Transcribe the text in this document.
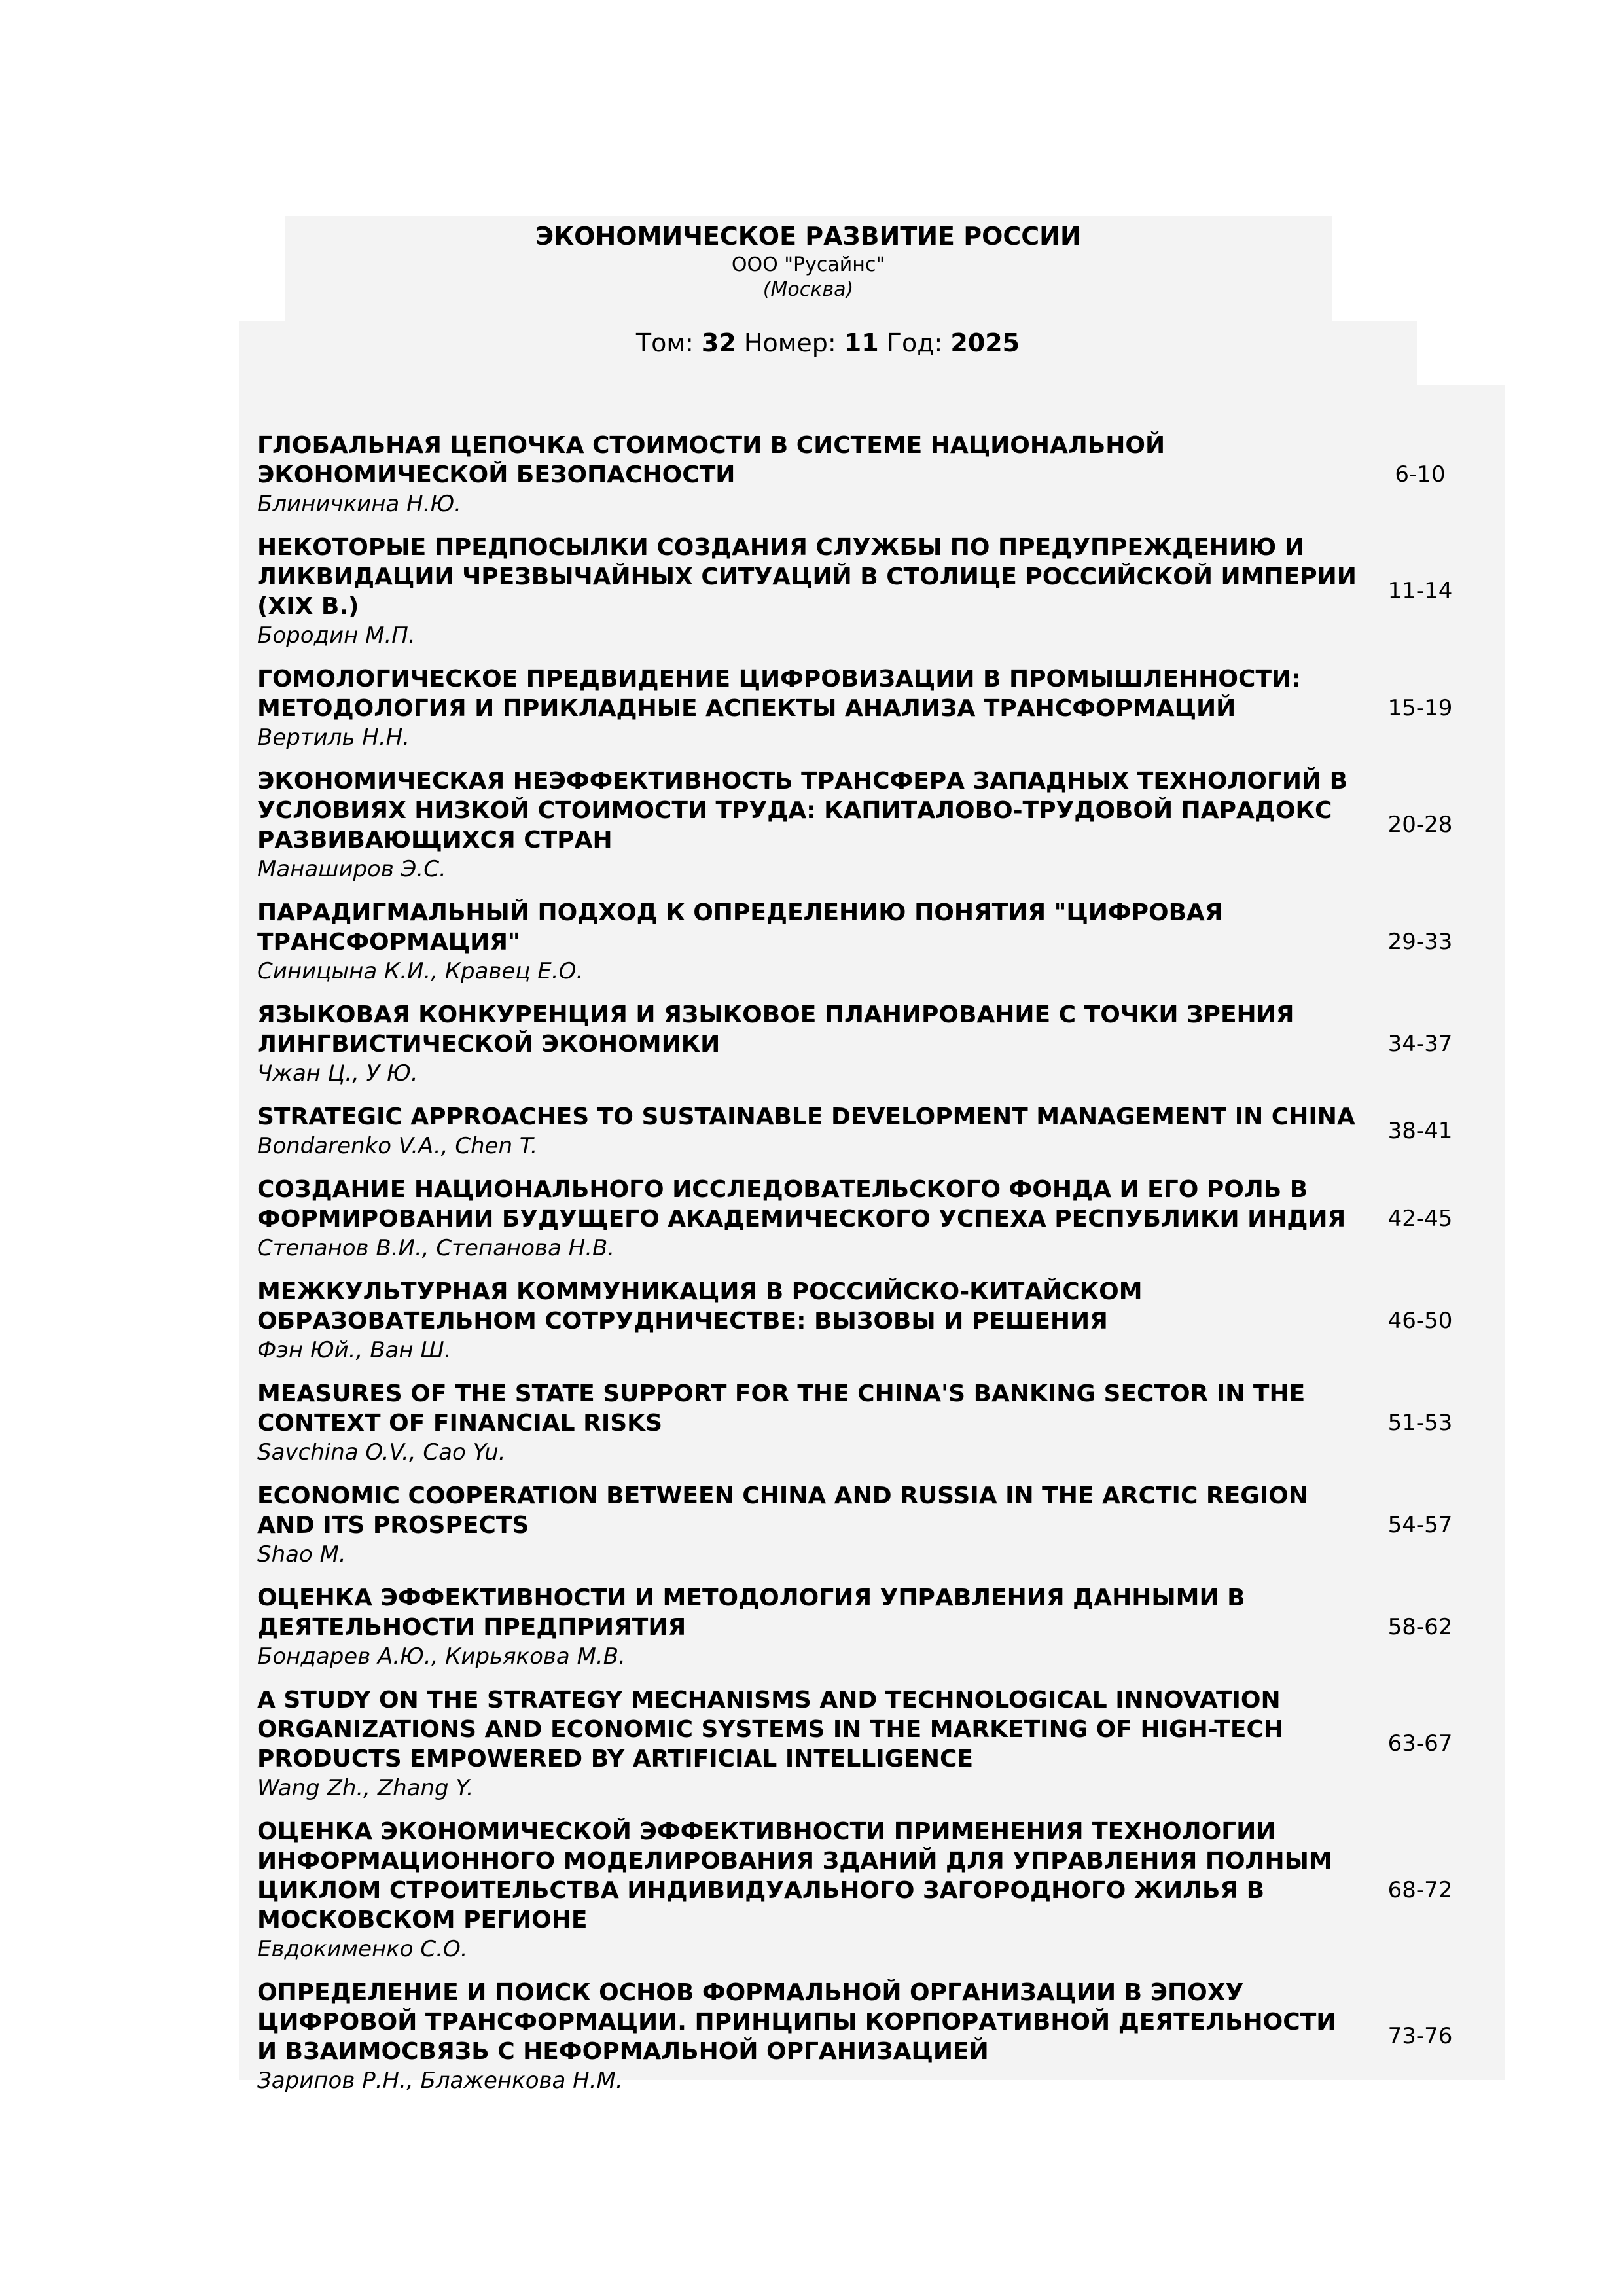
ЭКОНОМИЧЕСКОЕ РАЗВИТИЕ РОССИИ
ООО "Русайнс"
(Москва)
Том: 32 Номер: 11 Год: 2025
ГЛОБАЛЬНАЯ ЦЕПОЧКА СТОИМОСТИ В СИСТЕМЕ НАЦИОНАЛЬНОЙ ЭКОНОМИЧЕСКОЙ БЕЗОПАСНОСТИ
Блиничкина Н.Ю.
6-10
НЕКОТОРЫЕ ПРЕДПОСЫЛКИ СОЗДАНИЯ СЛУЖБЫ ПО ПРЕДУПРЕЖДЕНИЮ И ЛИКВИДАЦИИ ЧРЕЗВЫЧАЙНЫХ СИТУАЦИЙ В СТОЛИЦЕ РОССИЙСКОЙ ИМПЕРИИ (XIX В.)
Бородин М.П.
11-14
ГОМОЛОГИЧЕСКОЕ ПРЕДВИДЕНИЕ ЦИФРОВИЗАЦИИ В ПРОМЫШЛЕННОСТИ: МЕТОДОЛОГИЯ И ПРИКЛАДНЫЕ АСПЕКТЫ АНАЛИЗА ТРАНСФОРМАЦИЙ
Вертиль Н.Н.
15-19
ЭКОНОМИЧЕСКАЯ НЕЭФФЕКТИВНОСТЬ ТРАНСФЕРА ЗАПАДНЫХ ТЕХНОЛОГИЙ В УСЛОВИЯХ НИЗКОЙ СТОИМОСТИ ТРУДА: КАПИТАЛОВО-ТРУДОВОЙ ПАРАДОКС РАЗВИВАЮЩИХСЯ СТРАН
Манаширов Э.С.
20-28
ПАРАДИГМАЛЬНЫЙ ПОДХОД К ОПРЕДЕЛЕНИЮ ПОНЯТИЯ "ЦИФРОВАЯ ТРАНСФОРМАЦИЯ"
Синицына К.И., Кравец Е.О.
29-33
ЯЗЫКОВАЯ КОНКУРЕНЦИЯ И ЯЗЫКОВОЕ ПЛАНИРОВАНИЕ С ТОЧКИ ЗРЕНИЯ ЛИНГВИСТИЧЕСКОЙ ЭКОНОМИКИ
Чжан Ц., У Ю.
34-37
STRATEGIC APPROACHES TO SUSTAINABLE DEVELOPMENT MANAGEMENT IN CHINA
Bondarenko V.A., Chen T.
38-41
СОЗДАНИЕ НАЦИОНАЛЬНОГО ИССЛЕДОВАТЕЛЬСКОГО ФОНДА И ЕГО РОЛЬ В ФОРМИРОВАНИИ БУДУЩЕГО АКАДЕМИЧЕСКОГО УСПЕХА РЕСПУБЛИКИ ИНДИЯ
Степанов В.И., Степанова Н.В.
42-45
МЕЖКУЛЬТУРНАЯ КОММУНИКАЦИЯ В РОССИЙСКО-КИТАЙСКОМ ОБРАЗОВАТЕЛЬНОМ СОТРУДНИЧЕСТВЕ: ВЫЗОВЫ И РЕШЕНИЯ
Фэн Юй., Ван Ш.
46-50
MEASURES OF THE STATE SUPPORT FOR THE CHINA'S BANKING SECTOR IN THE CONTEXT OF FINANCIAL RISKS
Savchina O.V., Cao Yu.
51-53
ECONOMIC COOPERATION BETWEEN CHINA AND RUSSIA IN THE ARCTIC REGION AND ITS PROSPECTS
Shao M.
54-57
ОЦЕНКА ЭФФЕКТИВНОСТИ И МЕТОДОЛОГИЯ УПРАВЛЕНИЯ ДАННЫМИ В ДЕЯТЕЛЬНОСТИ ПРЕДПРИЯТИЯ
Бондарев А.Ю., Кирьякова М.В.
58-62
A STUDY ON THE STRATEGY MECHANISMS AND TECHNOLOGICAL INNOVATION ORGANIZATIONS AND ECONOMIC SYSTEMS IN THE MARKETING OF HIGH-TECH PRODUCTS EMPOWERED BY ARTIFICIAL INTELLIGENCE
Wang Zh., Zhang Y.
63-67
ОЦЕНКА ЭКОНОМИЧЕСКОЙ ЭФФЕКТИВНОСТИ ПРИМЕНЕНИЯ ТЕХНОЛОГИИ ИНФОРМАЦИОННОГО МОДЕЛИРОВАНИЯ ЗДАНИЙ ДЛЯ УПРАВЛЕНИЯ ПОЛНЫМ ЦИКЛОМ СТРОИТЕЛЬСТВА ИНДИВИДУАЛЬНОГО ЗАГОРОДНОГО ЖИЛЬЯ В МОСКОВСКОМ РЕГИОНЕ
Евдокименко С.О.
68-72
ОПРЕДЕЛЕНИЕ И ПОИСК ОСНОВ ФОРМАЛЬНОЙ ОРГАНИЗАЦИИ В ЭПОХУ ЦИФРОВОЙ ТРАНСФОРМАЦИИ. ПРИНЦИПЫ КОРПОРАТИВНОЙ ДЕЯТЕЛЬНОСТИ И ВЗАИМОСВЯЗЬ С НЕФОРМАЛЬНОЙ ОРГАНИЗАЦИЕЙ
Зарипов Р.Н., Блаженкова Н.М.
73-76
